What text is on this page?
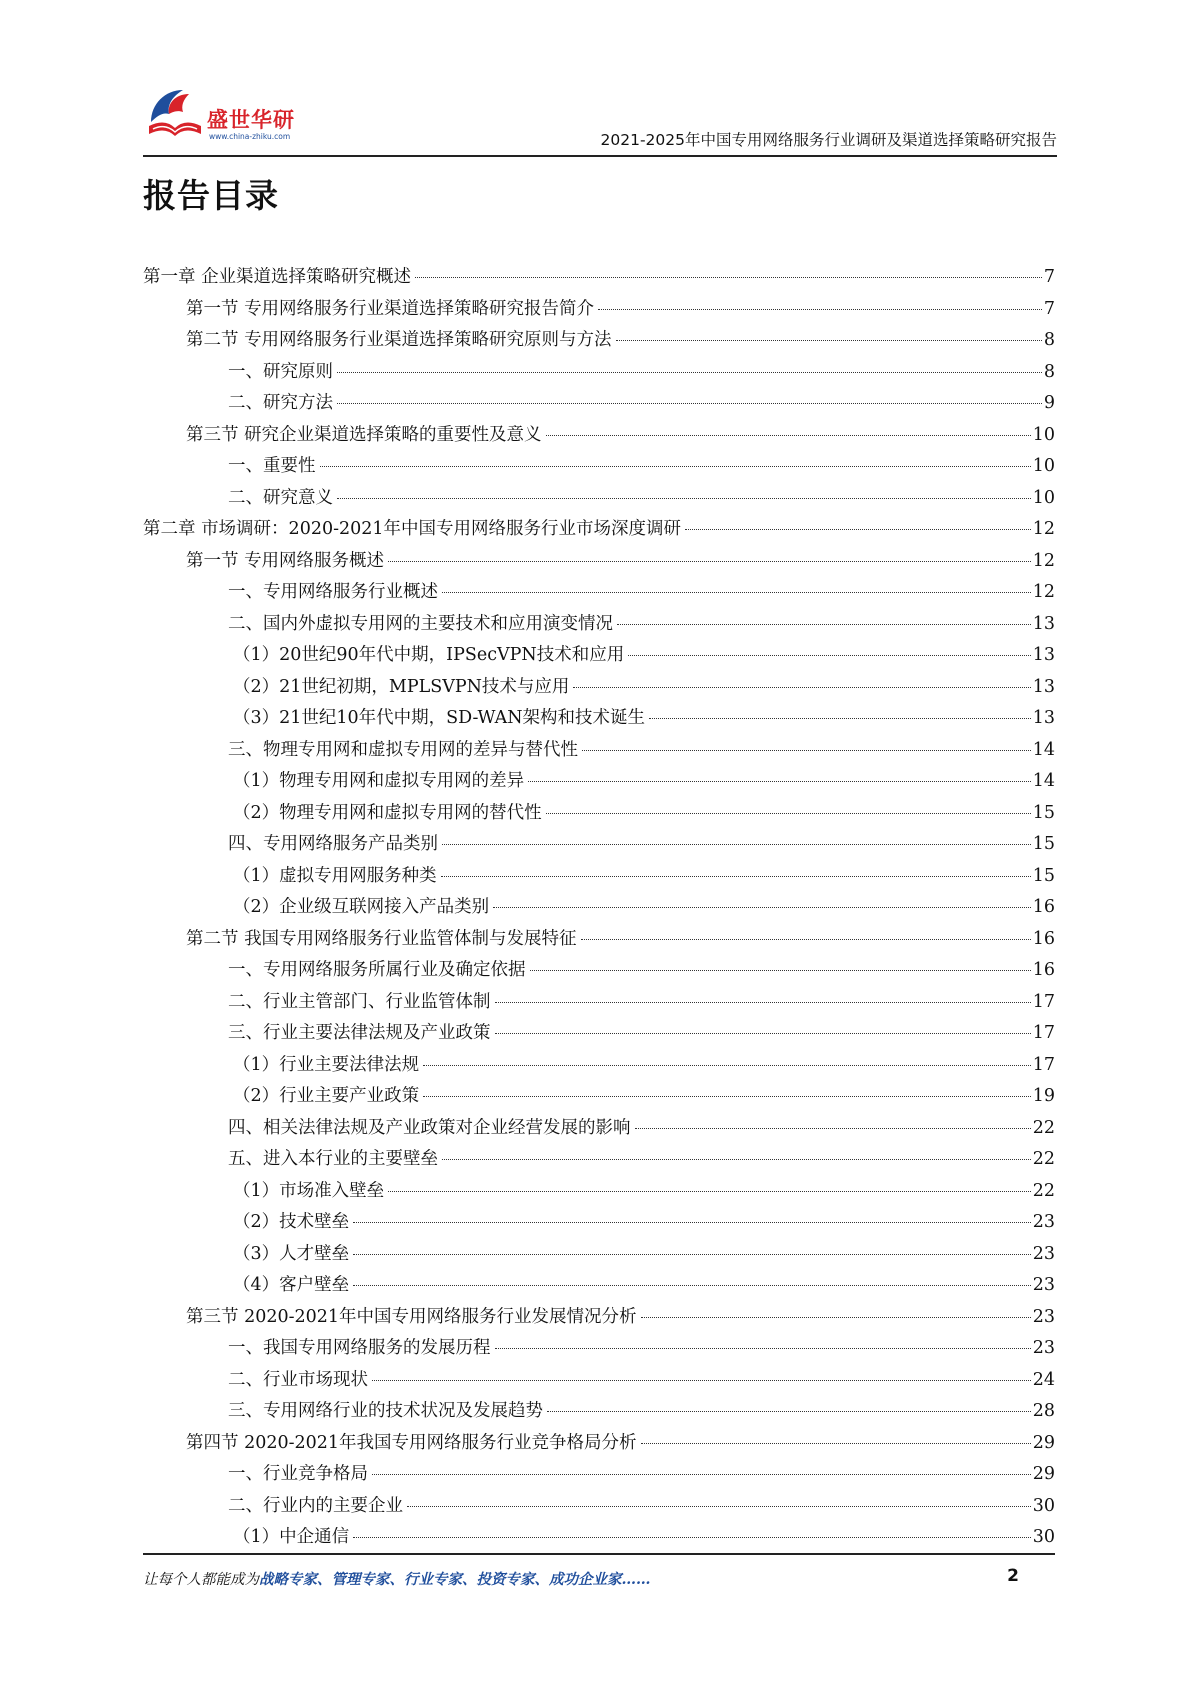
盛世华研
www.china-zhiku.com	2021-2025年中国专用网络服务行业调研及渠道选择策略研究报告
报告目录
第一章 企业渠道选择策略研究概述	7
第一节 专用网络服务行业渠道选择策略研究报告简介	7
第二节 专用网络服务行业渠道选择策略研究原则与方法	8
一、研究原则	8
二、研究方法	9
第三节 研究企业渠道选择策略的重要性及意义	10
一、重要性	10
二、研究意义	10
第二章 市场调研：2020-2021年中国专用网络服务行业市场深度调研	12
第一节 专用网络服务概述	12
一、专用网络服务行业概述	12
二、国内外虚拟专用网的主要技术和应用演变情况	13
（1）20世纪90年代中期，IPSecVPN技术和应用	13
（2）21世纪初期，MPLSVPN技术与应用	13
（3）21世纪10年代中期，SD-WAN架构和技术诞生	13
三、物理专用网和虚拟专用网的差异与替代性	14
（1）物理专用网和虚拟专用网的差异	14
（2）物理专用网和虚拟专用网的替代性	15
四、专用网络服务产品类别	15
（1）虚拟专用网服务种类	15
（2）企业级互联网接入产品类别	16
第二节 我国专用网络服务行业监管体制与发展特征	16
一、专用网络服务所属行业及确定依据	16
二、行业主管部门、行业监管体制	17
三、行业主要法律法规及产业政策	17
（1）行业主要法律法规	17
（2）行业主要产业政策	19
四、相关法律法规及产业政策对企业经营发展的影响	22
五、进入本行业的主要壁垒	22
（1）市场准入壁垒	22
（2）技术壁垒	23
（3）人才壁垒	23
（4）客户壁垒	23
第三节 2020-2021年中国专用网络服务行业发展情况分析	23
一、我国专用网络服务的发展历程	23
二、行业市场现状	24
三、专用网络行业的技术状况及发展趋势	28
第四节 2020-2021年我国专用网络服务行业竞争格局分析	29
一、行业竞争格局	29
二、行业内的主要企业	30
（1）中企通信	30
让每个人都能成为战略专家、管理专家、行业专家、投资专家、成功企业家……	2
